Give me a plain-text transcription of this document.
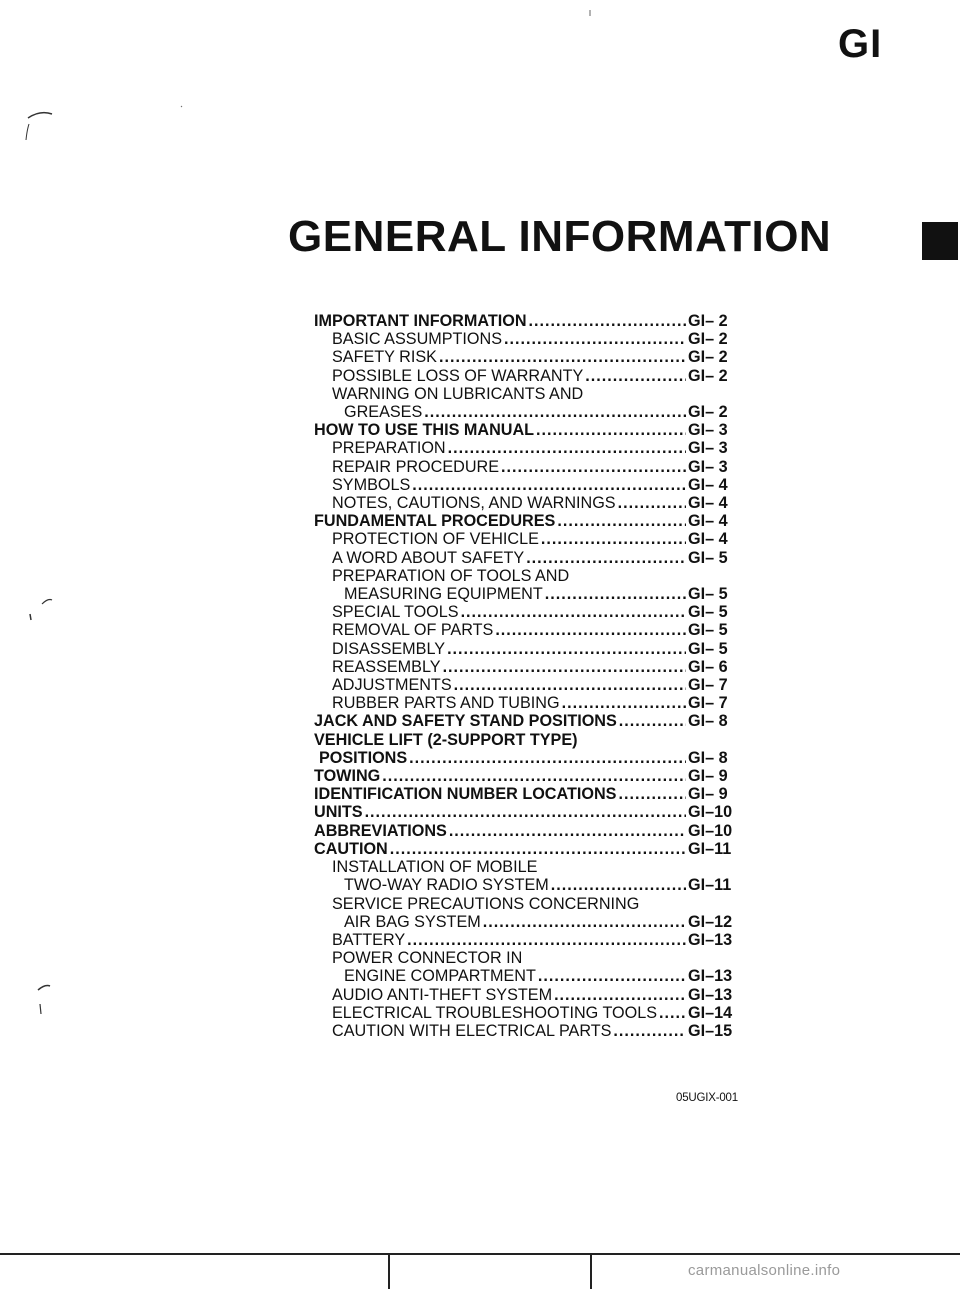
GI
GENERAL INFORMATION
IMPORTANT INFORMATION .....	GI– 2
BASIC ASSUMPTIONS .....	GI– 2
SAFETY RISK .....	GI– 2
POSSIBLE LOSS OF WARRANTY .....	GI– 2
WARNING ON LUBRICANTS AND
GREASES .....	GI– 2
HOW TO USE THIS MANUAL .....	GI– 3
PREPARATION .....	GI– 3
REPAIR PROCEDURE .....	GI– 3
SYMBOLS .....	GI– 4
NOTES, CAUTIONS, AND WARNINGS .....	GI– 4
FUNDAMENTAL PROCEDURES .....	GI– 4
PROTECTION OF VEHICLE .....	GI– 4
A WORD ABOUT SAFETY .....	GI– 5
PREPARATION OF TOOLS AND
MEASURING EQUIPMENT .....	GI– 5
SPECIAL TOOLS .....	GI– 5
REMOVAL OF PARTS .....	GI– 5
DISASSEMBLY .....	GI– 5
REASSEMBLY .....	GI– 6
ADJUSTMENTS .....	GI– 7
RUBBER PARTS AND TUBING .....	GI– 7
JACK AND SAFETY STAND POSITIONS .....	GI– 8
VEHICLE LIFT (2-SUPPORT TYPE)
POSITIONS .....	GI– 8
TOWING .....	GI– 9
IDENTIFICATION NUMBER LOCATIONS .....	GI– 9
UNITS .....	GI–10
ABBREVIATIONS .....	GI–10
CAUTION .....	GI–11
INSTALLATION OF MOBILE
TWO-WAY RADIO SYSTEM .....	GI–11
SERVICE PRECAUTIONS CONCERNING
AIR BAG SYSTEM .....	GI–12
BATTERY .....	GI–13
POWER CONNECTOR IN
ENGINE COMPARTMENT .....	GI–13
AUDIO ANTI-THEFT SYSTEM .....	GI–13
ELECTRICAL TROUBLESHOOTING TOOLS ..... GI–14
CAUTION WITH ELECTRICAL PARTS .....	GI–15
05UGIX-001
carmanualsonline.info
